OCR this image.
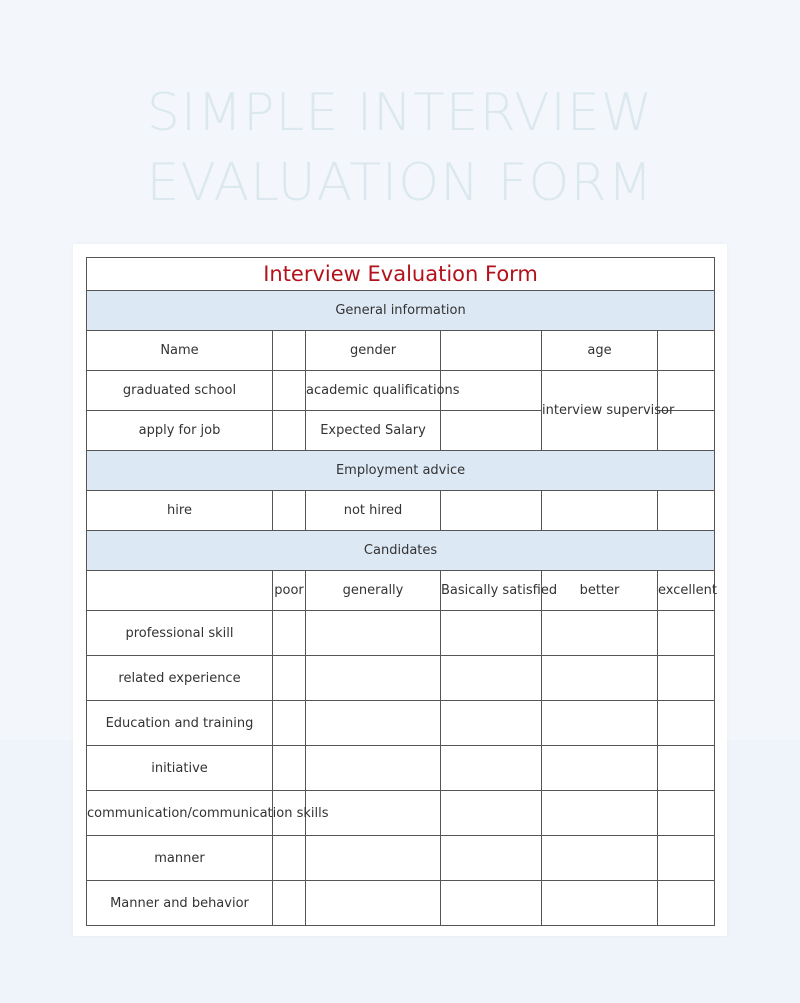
SIMPLE INTERVIEW
EVALUATION FORM
Interview Evaluation Form					
General information					
Name		gender		age	
graduated school		academic qualifications		interview supervisor	
apply for job		Expected Salary			
Employment advice					
hire		not hired			
Candidates					
	poor	generally	Basically satisfied	better	excellent
professional skill					
related experience					
Education and training					
initiative					
communication/communication skills					
manner					
Manner and behavior					
